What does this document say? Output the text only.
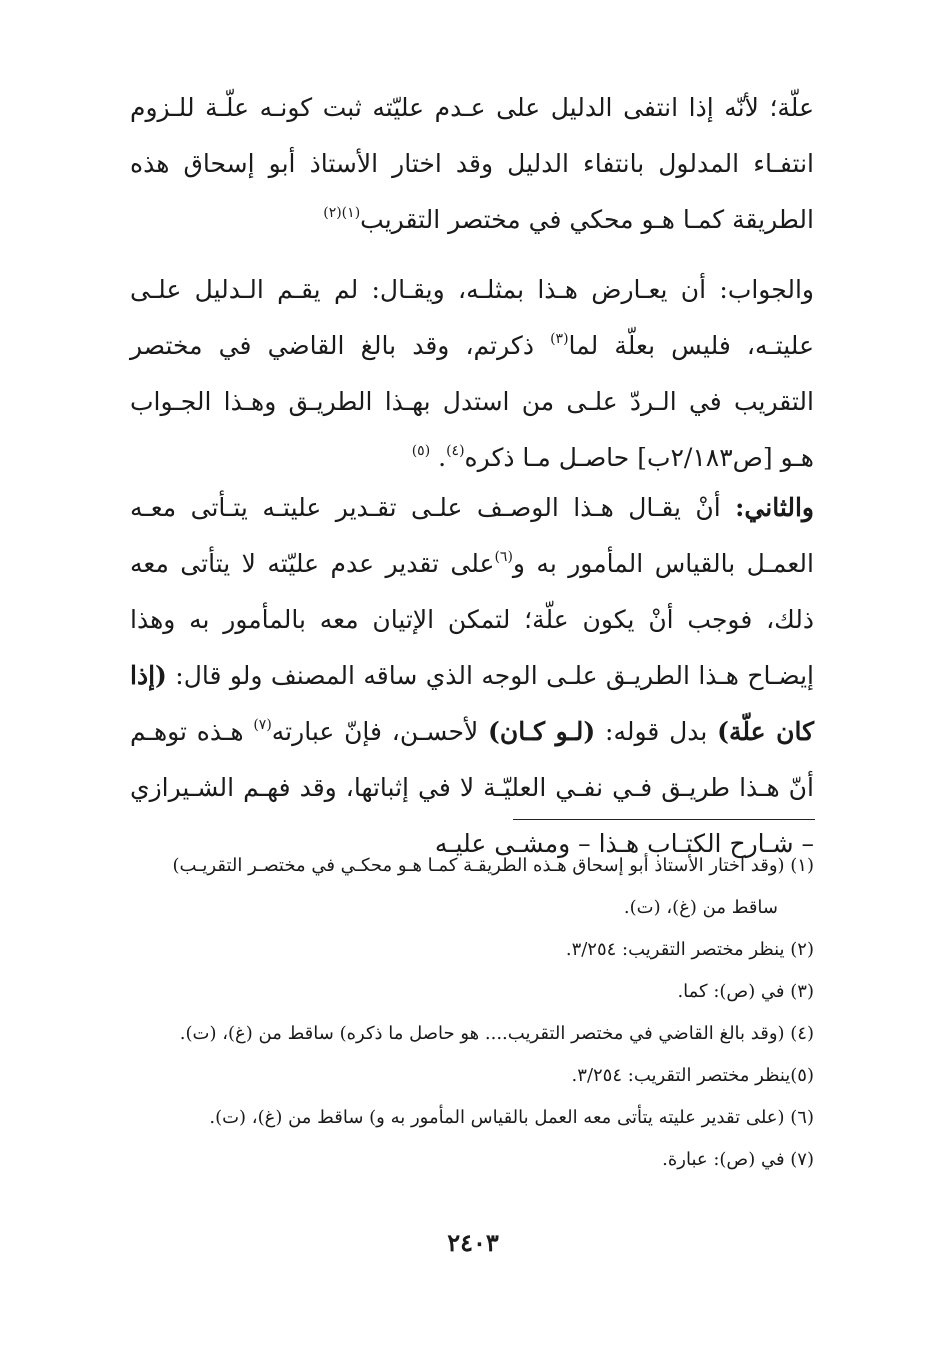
علّة؛ لأنّه إذا انتفى الدليل على عـدم عليّته ثبت كونـه علّـة للـزوم انتفـاء المدلول بانتفاء الدليل وقد اختار الأستاذ أبو إسحاق هذه الطريقة كمـا هـو محكي في مختصر التقريب$^{(١)(٢)}$

والجواب: أن يعـارض هـذا بمثلـه، ويقـال: لم يقـم الـدليل علـى عليتـه، فليس بعلّة لما$^{(٣)}$ ذكرتم، وقد بالغ القاضي في مختصر التقريب في الـردّ علـى من استدل بهـذا الطريـق وهـذا الجـواب هـو [ص٢/١٨٣ب] حاصـل مـا ذكره$^{(٤)}$. $^{(٥)}$

والثاني: أنْ يقـال هـذا الوصـف علـى تقـدير عليتـه يتـأتى معـه العمـل بالقياس المأمور به و$^{(٦)}$على تقدير عدم عليّته لا يتأتى معه ذلك، فوجب أنْ يكون علّة؛ لتمكن الإتيان معه بالمأمور به وهذا إيضـاح هـذا الطريـق علـى الوجه الذي ساقه المصنف ولو قال: (إذا كان علّة) بدل قوله: (لـو كـان) لأحسـن، فإنّ عبارته$^{(٧)}$ هـذه توهـم أنّ هـذا طريـق فـي نفـي العليّـة لا في إثباتها، وقد فهـم الشـيرازي – شـارح الكتـاب هـذا – ومشـى عليـه

(١) (وقد اختار الأستاذ أبو إسحاق هـذه الطريقـة كمـا هـو محكـي في مختصـر التقريـب)

ساقط من (غ)، (ت).

(٢) ينظر مختصر التقريب: ٣/٢٥٤.

(٣) في (ص): كما.

(٤) (وقد بالغ القاضي في مختصر التقريب.... هو حاصل ما ذكره) ساقط من (غ)، (ت).

(٥)ينظر مختصر التقريب: ٣/٢٥٤.

(٦) (على تقدير عليته يتأتى معه العمل بالقياس المأمور به و) ساقط من (غ)، (ت).

(٧) في (ص): عبارة.

٢٤٠٣
